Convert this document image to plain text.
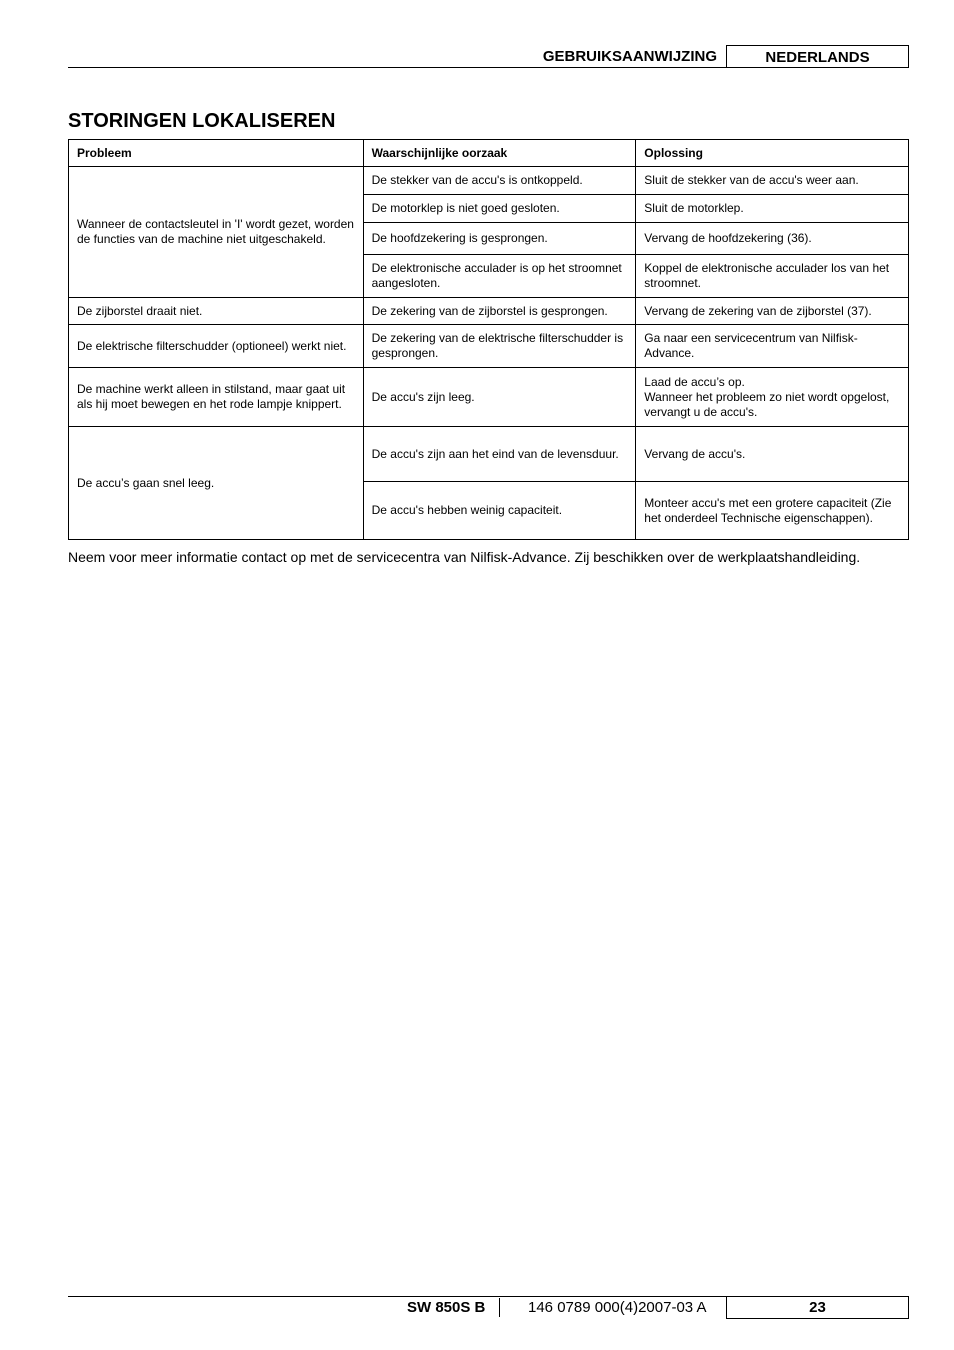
GEBRUIKSAANWIJZING	NEDERLANDS
STORINGEN LOKALISEREN
Probleem	Waarschijnlijke oorzaak	Oplossing
Wanneer de contactsleutel in 'I' wordt gezet, worden de functies van de machine niet uitgeschakeld.	De stekker van de accu's is ontkoppeld.	Sluit de stekker van de accu's weer aan.
	De motorklep is niet goed gesloten.	Sluit de motorklep.
	De hoofdzekering is gesprongen.	Vervang de hoofdzekering (36).
	De elektronische acculader is op het stroomnet aangesloten.	Koppel de elektronische acculader los van het stroomnet.
De zijborstel draait niet.	De zekering van de zijborstel is gesprongen.	Vervang de zekering van de zijborstel (37).
De elektrische filterschudder (optioneel) werkt niet.	De zekering van de elektrische filterschudder is gesprongen.	Ga naar een servicecentrum van Nilfisk-Advance.
De machine werkt alleen in stilstand, maar gaat uit als hij moet bewegen en het rode lampje knippert.	De accu's zijn leeg.	Laad de accu’s op.
Wanneer het probleem zo niet wordt opgelost, vervangt u de accu's.
De accu’s gaan snel leeg.	De accu's zijn aan het eind van de levensduur.	Vervang de accu's.
	De accu's hebben weinig capaciteit.	Monteer accu's met een grotere capaciteit (Zie het onderdeel Technische eigenschappen).

Neem voor meer informatie contact op met de servicecentra van Nilfisk-Advance. Zij beschikken over de werkplaatshandleiding.

SW 850S B	146 0789 000(4)2007-03 A	23
